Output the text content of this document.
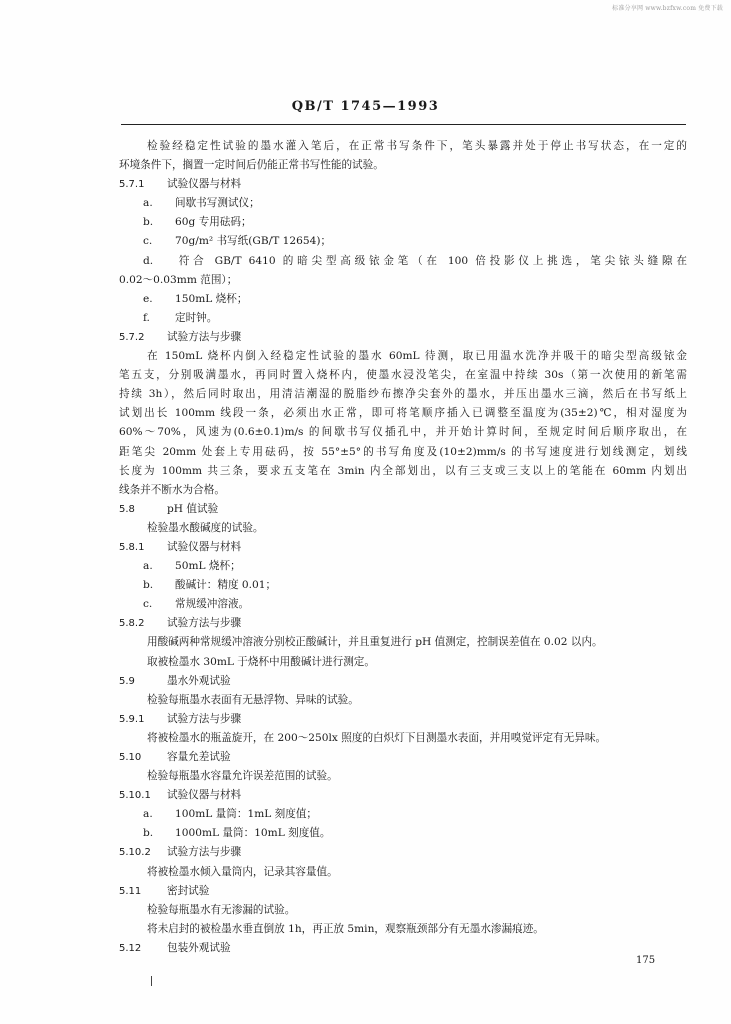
标准分享网 www.bzfxw.com 免费下载
QB/T 1745—1993

检验经稳定性试验的墨水灌入笔后，在正常书写条件下，笔头暴露并处于停止书写状态，在一定的

环境条件下，搁置一定时间后仍能正常书写性能的试验。

5.7.1 试验仪器与材料

a. 间歇书写测试仪；

b. 60g 专用砝码；

c. 70g/m² 书写纸(GB/T 12654)；

d. 符合 GB/T 6410 的暗尖型高级铱金笔（在 100 倍投影仪上挑选，笔尖铱头缝隙在

0.02～0.03mm 范围）；

e. 150mL 烧杯；

f. 定时钟。

5.7.2 试验方法与步骤

在 150mL 烧杯内倒入经稳定性试验的墨水 60mL 待测，取已用温水洗净并吸干的暗尖型高级铱金

笔五支，分别吸满墨水，再同时置入烧杯内，使墨水浸没笔尖，在室温中持续 30s（第一次使用的新笔需

持续 3h），然后同时取出，用清洁潮湿的脱脂纱布擦净尖套外的墨水，并压出墨水三滴，然后在书写纸上

试划出长 100mm 线段一条，必须出水正常，即可将笔顺序插入已调整至温度为(35±2)℃，相对湿度为

60%～70%，风速为(0.6±0.1)m/s 的间歇书写仪插孔中，并开始计算时间，至规定时间后顺序取出，在

距笔尖 20mm 处套上专用砝码，按 55°±5°的书写角度及(10±2)mm/s 的书写速度进行划线测定，划线

长度为 100mm 共三条，要求五支笔在 3min 内全部划出，以有三支或三支以上的笔能在 60mm 内划出

线条并不断水为合格。

5.8	pH 值试验

检验墨水酸碱度的试验。

5.8.1 试验仪器与材料

a. 50mL 烧杯；

b. 酸碱计：精度 0.01；

c. 常规缓冲溶液。

5.8.2 试验方法与步骤

用酸碱两种常规缓冲溶液分别校正酸碱计，并且重复进行 pH 值测定，控制误差值在 0.02 以内。

取被检墨水 30mL 于烧杯中用酸碱计进行测定。

5.9	墨水外观试验

检验每瓶墨水表面有无悬浮物、异味的试验。

5.9.1 试验方法与步骤

将被检墨水的瓶盖旋开，在 200～250lx 照度的白炽灯下目测墨水表面，并用嗅觉评定有无异味。

5.10 容量允差试验

检验每瓶墨水容量允许误差范围的试验。

5.10.1 试验仪器与材料

a. 100mL 量筒：1mL 刻度值；

b. 1000mL 量筒：10mL 刻度值。

5.10.2 试验方法与步骤

将被检墨水倾入量筒内，记录其容量值。

5.11 密封试验

检验每瓶墨水有无渗漏的试验。

将未启封的被检墨水垂直倒放 1h，再正放 5min，观察瓶颈部分有无墨水渗漏痕迹。

5.12 包装外观试验

175
